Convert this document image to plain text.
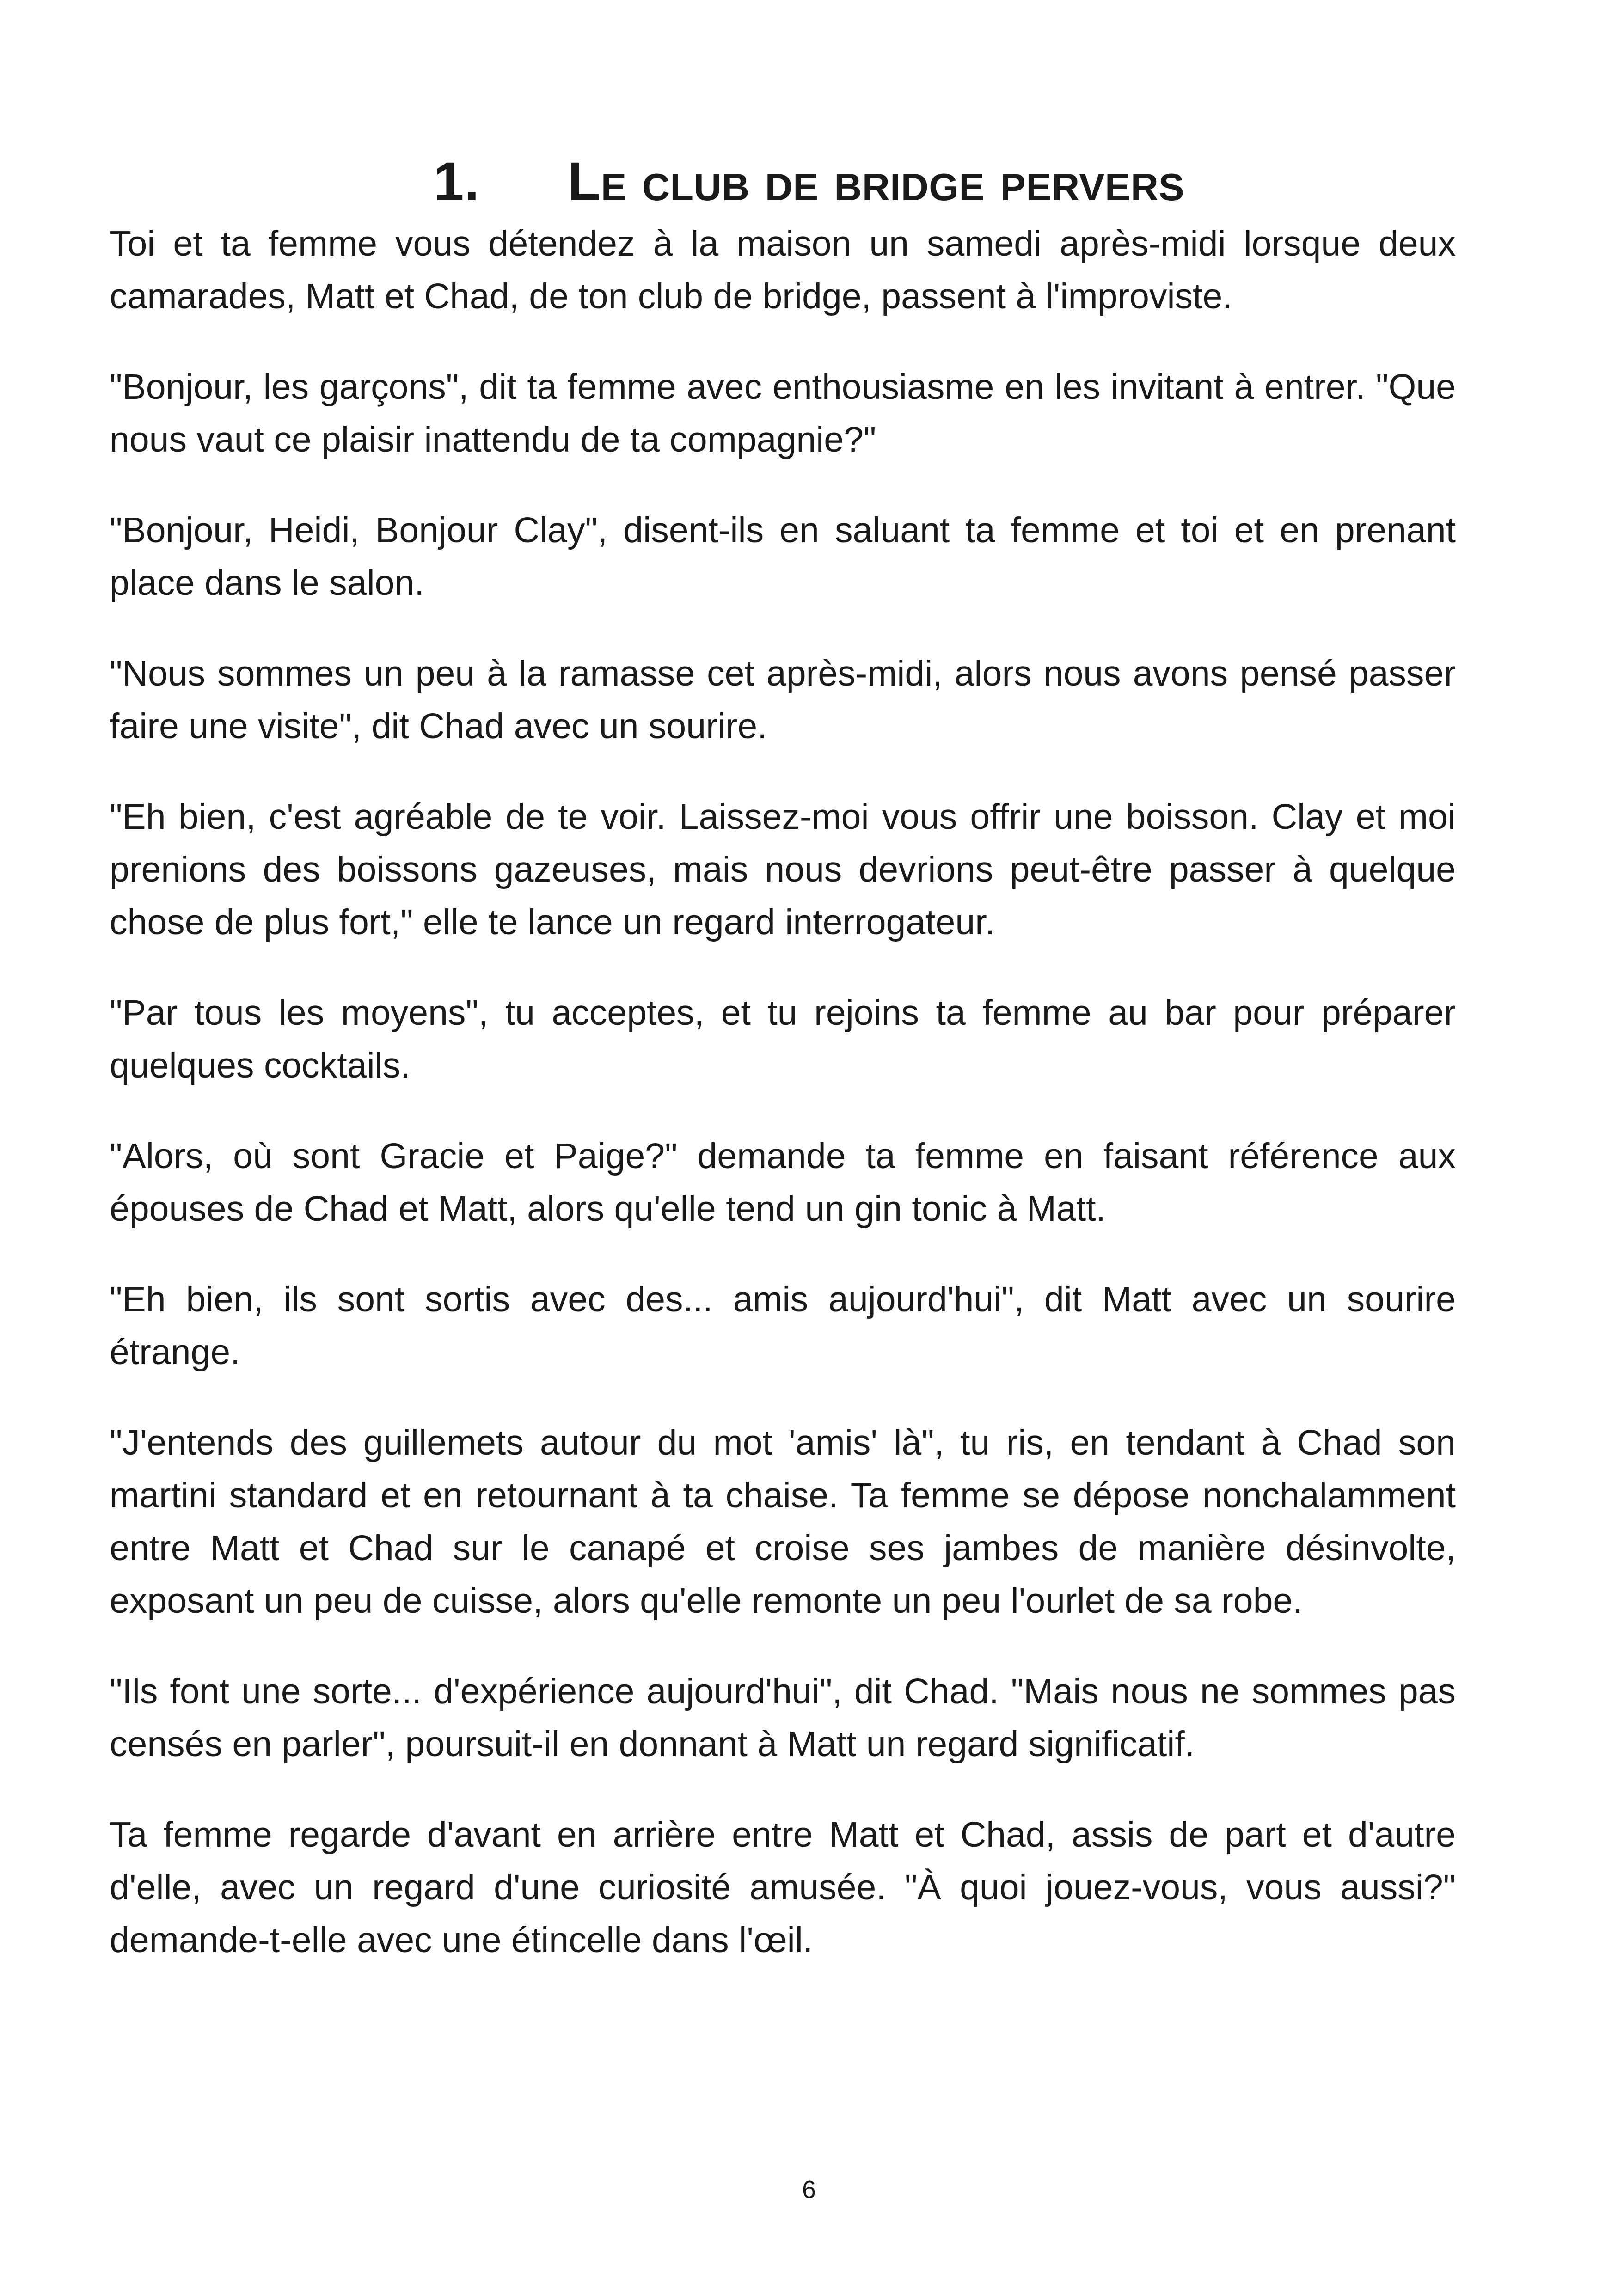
1. Le club de bridge pervers

Toi et ta femme vous détendez à la maison un samedi après-midi lorsque deux camarades, Matt et Chad, de ton club de bridge, passent à l'improviste.

"Bonjour, les garçons", dit ta femme avec enthousiasme en les invitant à entrer. "Que nous vaut ce plaisir inattendu de ta compagnie?"

"Bonjour, Heidi, Bonjour Clay", disent-ils en saluant ta femme et toi et en prenant place dans le salon.

"Nous sommes un peu à la ramasse cet après-midi, alors nous avons pensé passer faire une visite", dit Chad avec un sourire.

"Eh bien, c'est agréable de te voir. Laissez-moi vous offrir une boisson. Clay et moi prenions des boissons gazeuses, mais nous devrions peut-être passer à quelque chose de plus fort," elle te lance un regard interrogateur.

"Par tous les moyens", tu acceptes, et tu rejoins ta femme au bar pour préparer quelques cocktails.

"Alors, où sont Gracie et Paige?" demande ta femme en faisant référence aux épouses de Chad et Matt, alors qu'elle tend un gin tonic à Matt.

"Eh bien, ils sont sortis avec des... amis aujourd'hui", dit Matt avec un sourire étrange.

"J'entends des guillemets autour du mot 'amis' là", tu ris, en tendant à Chad son martini standard et en retournant à ta chaise. Ta femme se dépose nonchalamment entre Matt et Chad sur le canapé et croise ses jambes de manière désinvolte, exposant un peu de cuisse, alors qu'elle remonte un peu l'ourlet de sa robe.

"Ils font une sorte... d'expérience aujourd'hui", dit Chad. "Mais nous ne sommes pas censés en parler", poursuit-il en donnant à Matt un regard significatif.

Ta femme regarde d'avant en arrière entre Matt et Chad, assis de part et d'autre d'elle, avec un regard d'une curiosité amusée. "À quoi jouez-vous, vous aussi?" demande-t-elle avec une étincelle dans l'œil.

6
